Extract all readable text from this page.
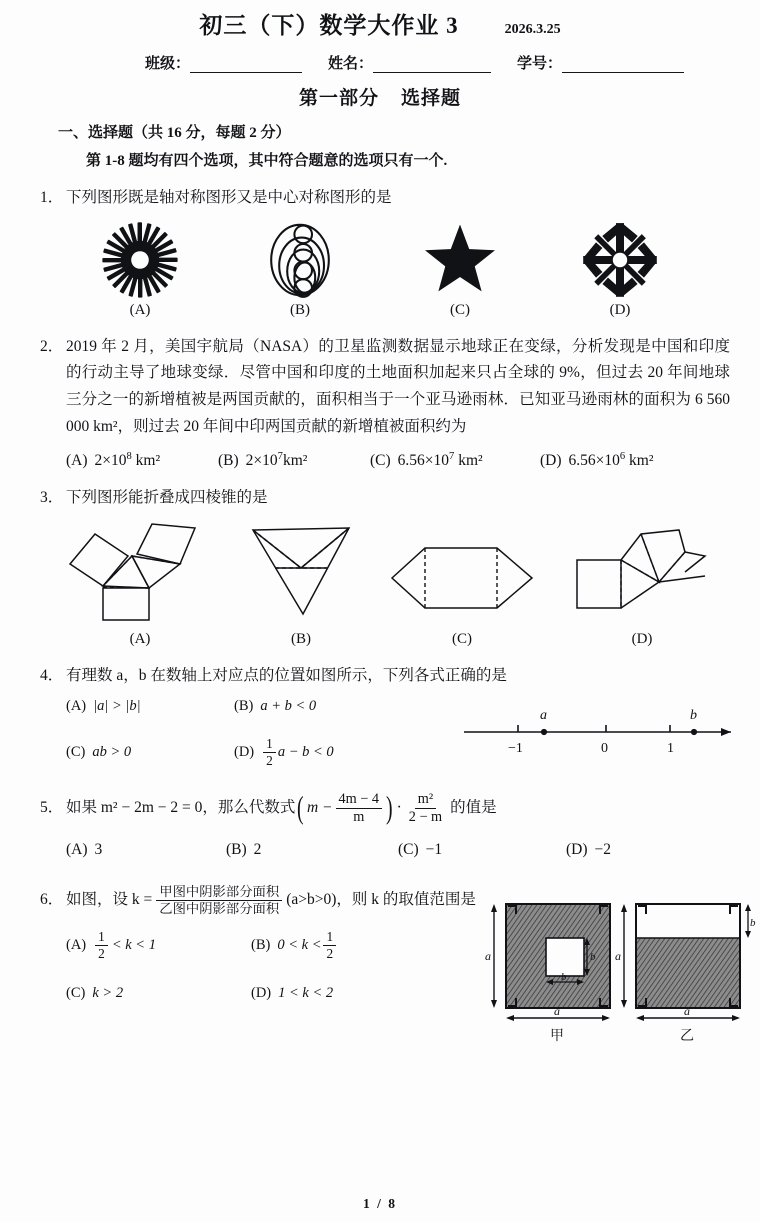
初三（下）数学大作业 3	2026.3.25
班级：	姓名：	学号：
第一部分 选择题
一、选择题（共 16 分，每题 2 分）
第 1-8 题均有四个选项，其中符合题意的选项只有一个.
1． 下列图形既是轴对称图形又是中心对称图形的是
(A)	(B)	(C)	(D)
2． 2019 年 2 月，美国宇航局（NASA）的卫星监测数据显示地球正在变绿，分析发现是中国和印度的行动主导了地球变绿．尽管中国和印度的土地面积加起来只占全球的 9%，但过去 20 年间地球三分之一的新增植被是两国贡献的，面积相当于一个亚马逊雨林．已知亚马逊雨林的面积为 6 560 000 km²，则过去 20 年间中印两国贡献的新增植被面积约为
(A) $2\times 10^8$ km²	(B) $2\times 10^7km^2$	(C) $6.56\times 10^7$ km²	(D) $6.56\times 10^6$ km²
3． 下列图形能折叠成四棱锥的是
(A)	(B)	(C)	(D)
4． 有理数 a，b 在数轴上对应点的位置如图所示，下列各式正确的是
(A) |a| > |b|	(B) a + b < 0
(C) ab > 0	$(D) \frac{1}{2}$ a − b < 0
a	b
−1	0	1
5． 如果 m² − 2m − 2 = 0，那么代数式 ( $m - \frac{4m - 4}{m}$ ) · $\frac{\text{m²}}{2 - m}$ 的值是
(A) 3	(B) 2	(C) −1	(D) −2
6． 如图，设 $k = \frac{\text{甲图中阴影部分面积}}{\text{乙图中阴影部分面积}} (a>b>0)$，则 k 的取值范围是
$(A) \frac{1}{2} < k < 1$	(B) $0 < k < \frac{1}{2}$
(C) k > 2	(D) 1 < k < 2
a
a
b
b
甲
a
a
b
乙
1 / 8
